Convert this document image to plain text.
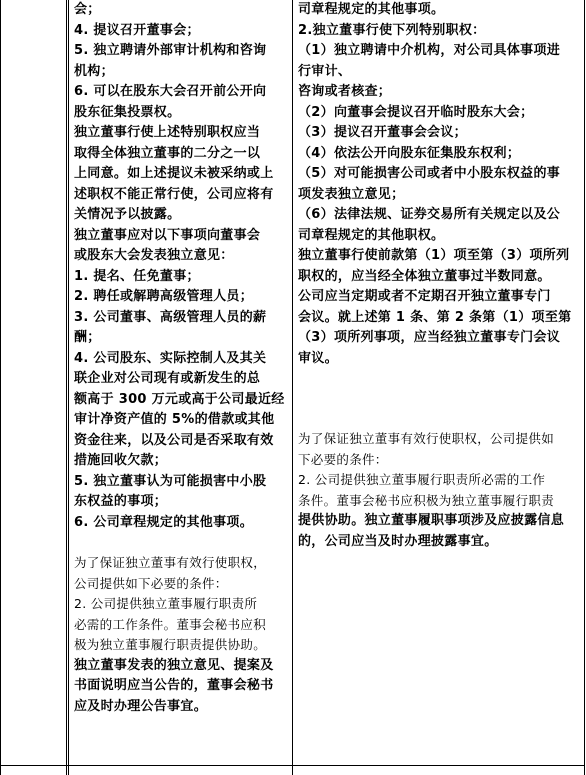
会；

4. 提议召开董事会；

5. 独立聘请外部审计机构和咨询

机构；

6. 可以在股东大会召开前公开向

股东征集投票权。

独立董事行使上述特别职权应当

取得全体独立董事的二分之一以

上同意。如上述提议未被采纳或上

述职权不能正常行使，公司应将有

关情况予以披露。

独立董事应对以下事项向董事会

或股东大会发表独立意见：

1. 提名、任免董事；

2. 聘任或解聘高级管理人员；

3. 公司董事、高级管理人员的薪

酬；

4. 公司股东、实际控制人及其关

联企业对公司现有或新发生的总

额高于 300 万元或高于公司最近经

审计净资产值的 5%的借款或其他

资金往来，以及公司是否采取有效

措施回收欠款；

5. 独立董事认为可能损害中小股

东权益的事项；

6. 公司章程规定的其他事项。

为了保证独立董事有效行使职权，

公司提供如下必要的条件：

2. 公司提供独立董事履行职责所

必需的工作条件。董事会秘书应积

极为独立董事履行职责提供协助。

独立董事发表的独立意见、提案及

书面说明应当公告的，董事会秘书

应及时办理公告事宜。

司章程规定的其他事项。

2.独立董事行使下列特别职权：

（1）独立聘请中介机构，对公司具体事项进

行审计、

咨询或者核查；

（2）向董事会提议召开临时股东大会；

（3）提议召开董事会会议；

（4）依法公开向股东征集股东权利；

（5）对可能损害公司或者中小股东权益的事

项发表独立意见；

（6）法律法规、证券交易所有关规定以及公

司章程规定的其他职权。

独立董事行使前款第（1）项至第（3）项所列

职权的，应当经全体独立董事过半数同意。

公司应当定期或者不定期召开独立董事专门

会议。就上述第 1 条、第 2 条第（1）项至第

（3）项所列事项，应当经独立董事专门会议

审议。

为了保证独立董事有效行使职权，公司提供如

下必要的条件：

2. 公司提供独立董事履行职责所必需的工作

条件。董事会秘书应积极为独立董事履行职责

提供协助。独立董事履职事项涉及应披露信息

的，公司应当及时办理披露事宜。
